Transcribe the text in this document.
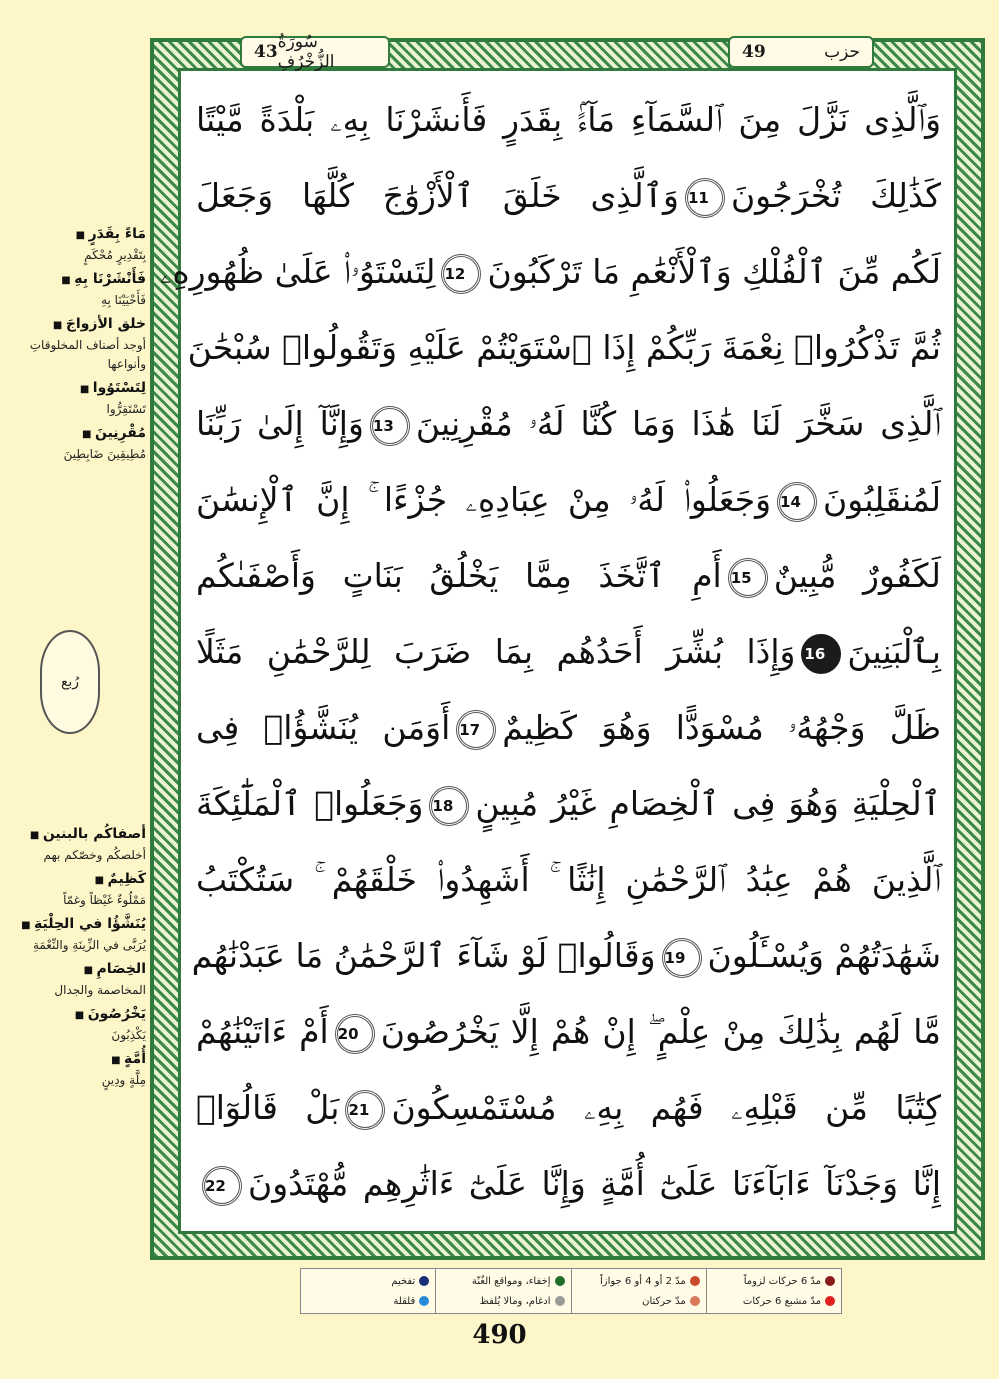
43 سُورَةُ الزُّخْرُفِ	49	حزب
وَٱلَّذِى نَزَّلَ مِنَ ٱلسَّمَآءِ مَآءًۢ بِقَدَرٍ فَأَنشَرْنَا بِهِۦ بَلْدَةً مَّيْتًا
كَذَٰلِكَ تُخْرَجُونَ11وَٱلَّذِى خَلَقَ ٱلْأَزْوَٰجَ كُلَّهَا وَجَعَلَ
لَكُم مِّنَ ٱلْفُلْكِ وَٱلْأَنْعَٰمِ مَا تَرْكَبُونَ12لِتَسْتَوُۥا۟ عَلَىٰ ظُهُورِهِۦ
ثُمَّ تَذْكُرُوا۟ نِعْمَةَ رَبِّكُمْ إِذَا ٱسْتَوَيْتُمْ عَلَيْهِ وَتَقُولُوا۟ سُبْحَٰنَ
ٱلَّذِى سَخَّرَ لَنَا هَٰذَا وَمَا كُنَّا لَهُۥ مُقْرِنِينَ13وَإِنَّآ إِلَىٰ رَبِّنَا
لَمُنقَلِبُونَ14وَجَعَلُوا۟ لَهُۥ مِنْ عِبَادِهِۦ جُزْءًا ۚ إِنَّ ٱلْإِنسَٰنَ
لَكَفُورٌ مُّبِينٌ15أَمِ ٱتَّخَذَ مِمَّا يَخْلُقُ بَنَاتٍ وَأَصْفَىٰكُم
بِٱلْبَنِينَ16وَإِذَا بُشِّرَ أَحَدُهُم بِمَا ضَرَبَ لِلرَّحْمَٰنِ مَثَلًا
ظَلَّ وَجْهُهُۥ مُسْوَدًّا وَهُوَ كَظِيمٌ17أَوَمَن يُنَشَّؤُا۟ فِى
ٱلْحِلْيَةِ وَهُوَ فِى ٱلْخِصَامِ غَيْرُ مُبِينٍ18وَجَعَلُوا۟ ٱلْمَلَٰٓئِكَةَ
ٱلَّذِينَ هُمْ عِبَٰدُ ٱلرَّحْمَٰنِ إِنَٰثًا ۚ أَشَهِدُوا۟ خَلْقَهُمْ ۚ سَتُكْتَبُ
شَهَٰدَتُهُمْ وَيُسْـَٔلُونَ19وَقَالُوا۟ لَوْ شَآءَ ٱلرَّحْمَٰنُ مَا عَبَدْنَٰهُم
مَّا لَهُم بِذَٰلِكَ مِنْ عِلْمٍ ۖ إِنْ هُمْ إِلَّا يَخْرُصُونَ20أَمْ ءَاتَيْنَٰهُمْ
كِتَٰبًا مِّن قَبْلِهِۦ فَهُم بِهِۦ مُسْتَمْسِكُونَ21بَلْ قَالُوٓا۟
إِنَّا وَجَدْنَآ ءَابَآءَنَا عَلَىٰٓ أُمَّةٍ وَإِنَّا عَلَىٰٓ ءَاثَٰرِهِم مُّهْتَدُونَ22
مَاءً بِقَدَرٍ ■
بِتَقْدِيرٍ مُحْكَمٍ
فَأَنْشَرْنَا بِهِ ■
فَأَحْيَيْنَا بِهِ
خلق الأزواجَ ■
أوجد أصناف المخلوقاتِ وأنواعها
لِتَسْتَوُوا ■
تَسْتَقِرُّوا
مُقْرِنِينَ ■
مُطِيقِينَ ضَابِطِينَ
رُبع
أصفاكُم بالبنين ■
أخلصكُم وخصّكم بهم
كَظِيمٌ ■
مَمْلُوءٌ غَيْظاً وغمّاً
يُنَشَّؤُا في الحِلْيَةِ ■
يُرَبَّى في الزِّينَةِ والنِّعْمَةِ
الخِصَامِ ■
المخاصمة والجدال
يَخْرُصُونَ ■
يَكْذِبُونَ
أُمَّةٍ ■
مِلَّةٍ ودِينٍ
مدّ 6 حركات لزوماً
مدّ مشبع 6 حركات
مدّ 2 أو 4 أو 6 جوازاً
مدّ حركتان
إخفاء، ومواقع الغُنّة
ادغام، ومالا يُلفظ
تفخيم
قلقلة
490
